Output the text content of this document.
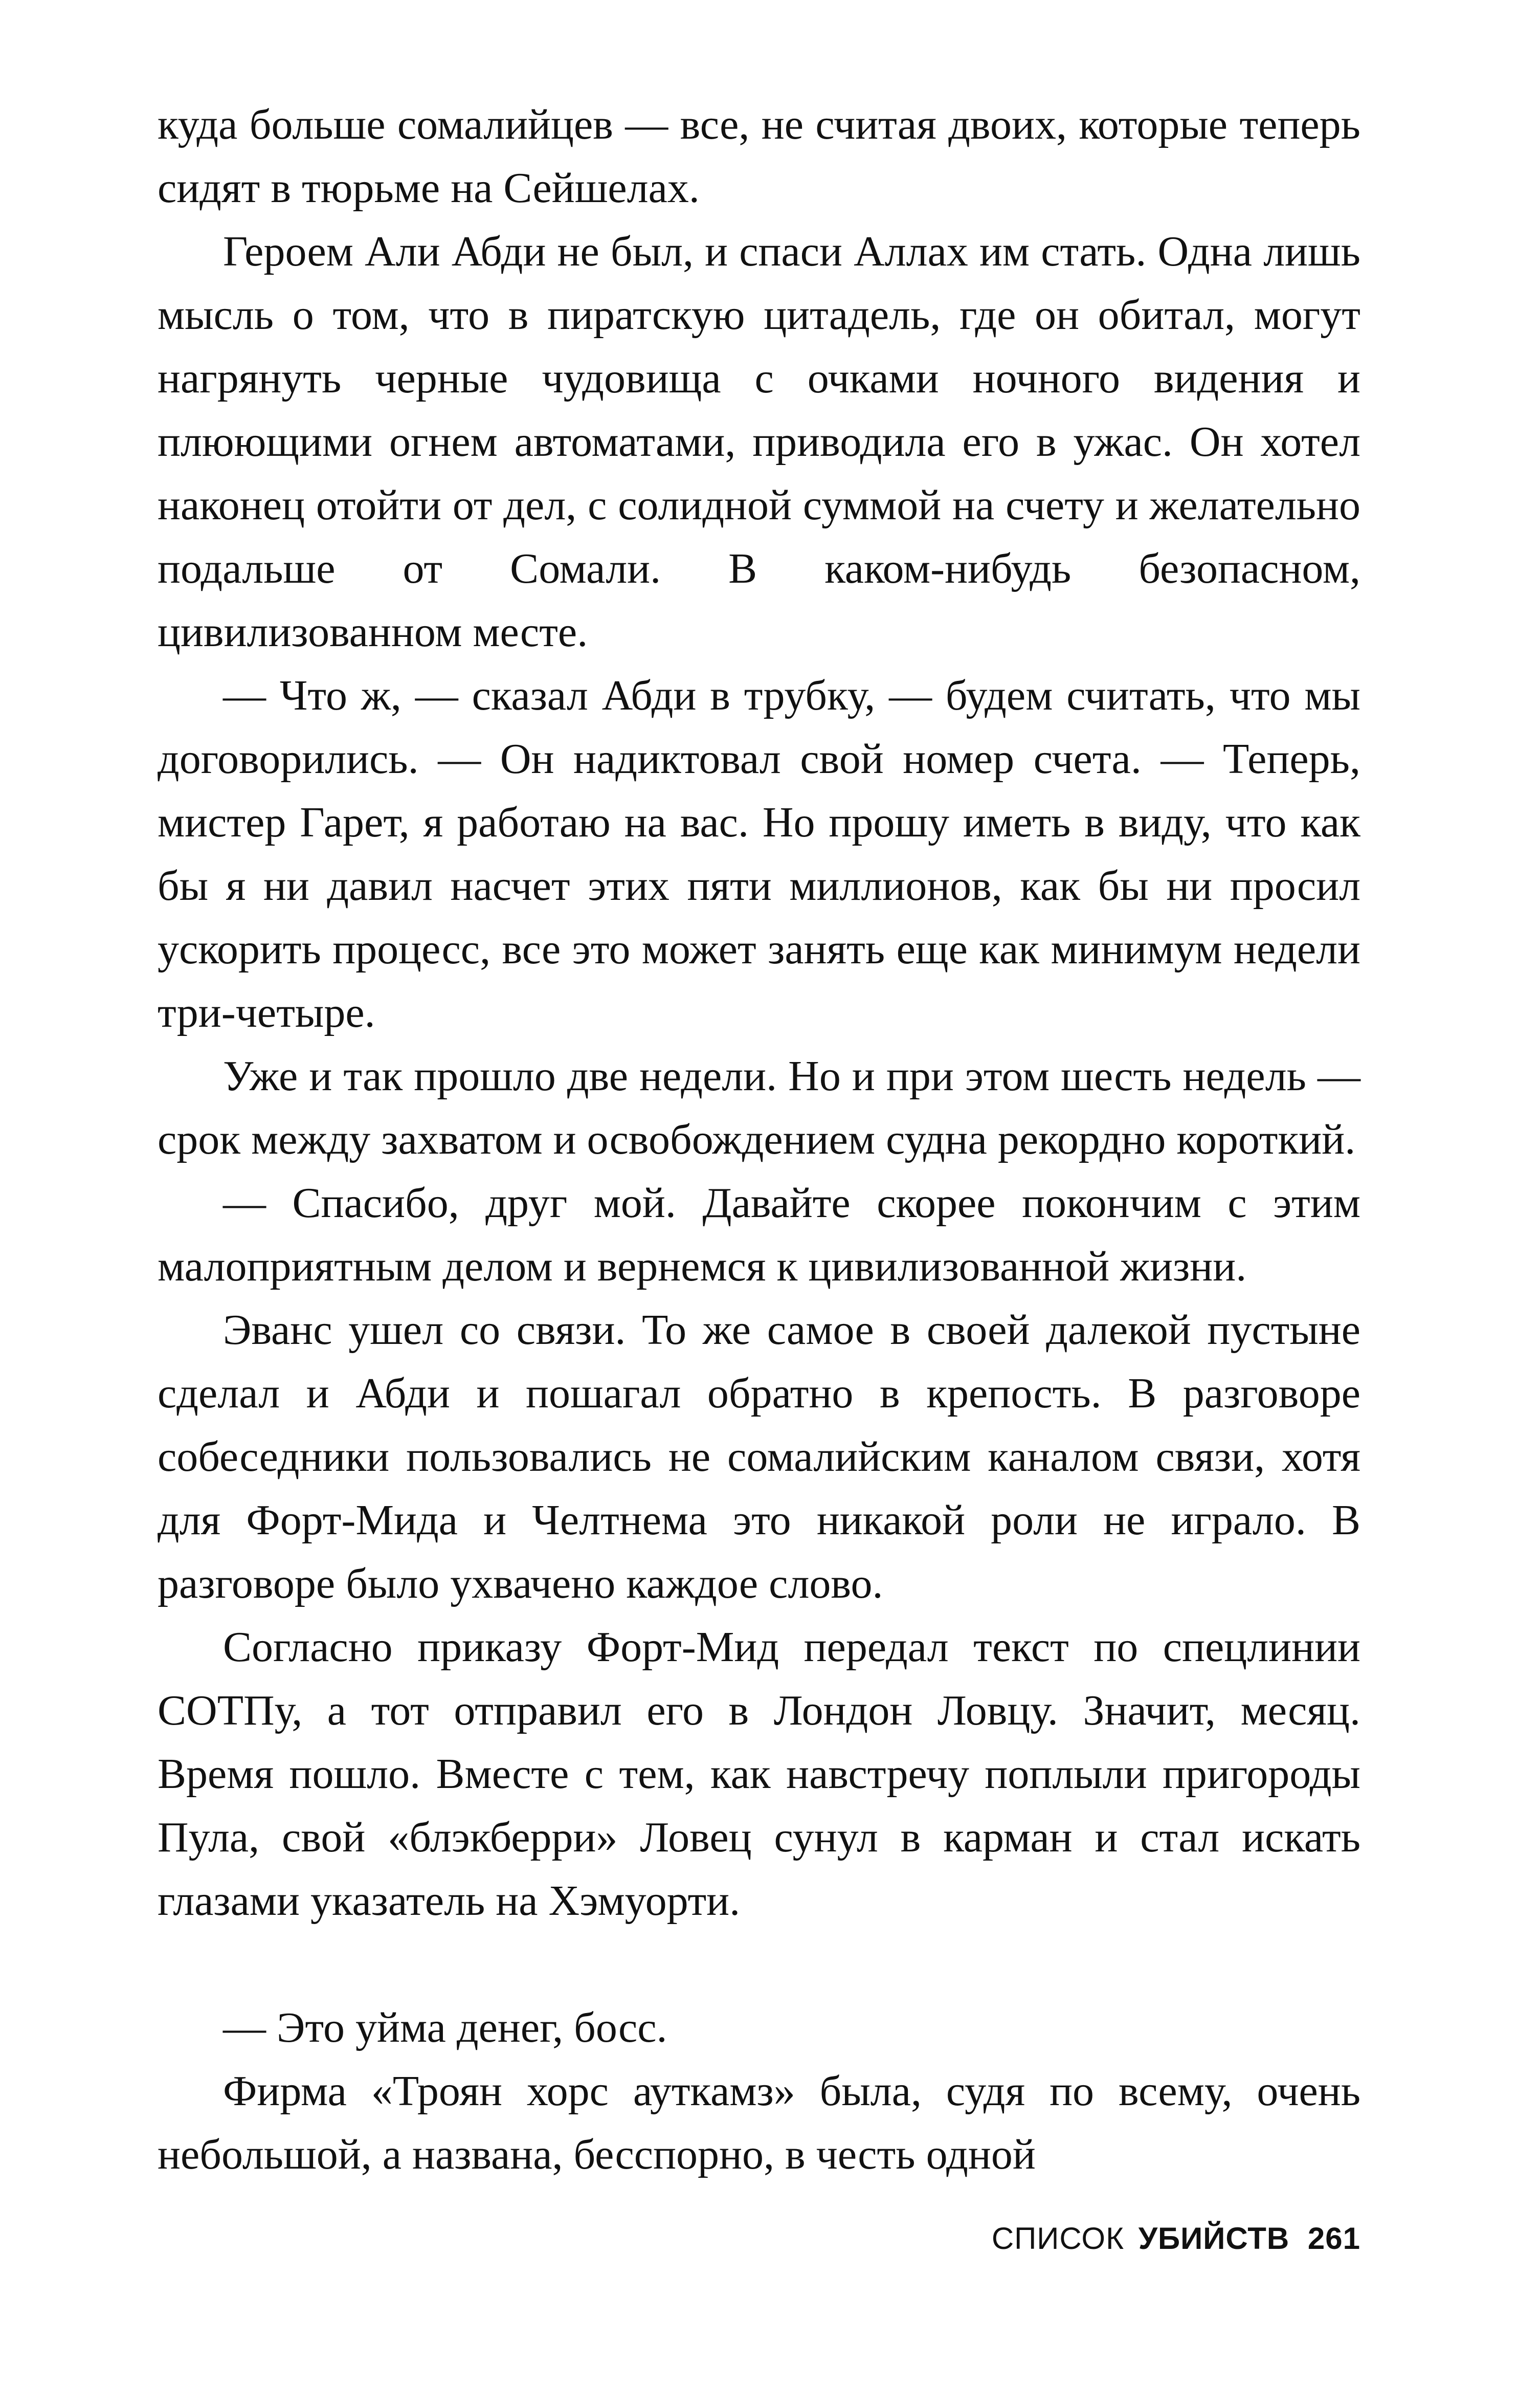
куда больше сомалийцев — все, не считая двоих, которые теперь сидят в тюрьме на Сейшелах.

Героем Али Абди не был, и спаси Аллах им стать. Одна лишь мысль о том, что в пиратскую цитадель, где он обитал, могут нагрянуть черные чудовища с очками ночного видения и плюющими огнем автоматами, приводила его в ужас. Он хотел наконец отойти от дел, с солидной суммой на счету и желательно подальше от Сомали. В каком-нибудь безопасном, цивилизованном месте.

— Что ж, — сказал Абди в трубку, — будем считать, что мы договорились. — Он надиктовал свой номер счета. — Теперь, мистер Гарет, я работаю на вас. Но прошу иметь в виду, что как бы я ни давил насчет этих пяти миллионов, как бы ни просил ускорить процесс, все это может занять еще как минимум недели три-четыре.

Уже и так прошло две недели. Но и при этом шесть недель — срок между захватом и освобождением судна рекордно короткий.

— Спасибо, друг мой. Давайте скорее покончим с этим малоприятным делом и вернемся к цивилизованной жизни.

Эванс ушел со связи. То же самое в своей далекой пустыне сделал и Абди и пошагал обратно в крепость. В разговоре собеседники пользовались не сомалийским каналом связи, хотя для Форт-Мида и Челтнема это никакой роли не играло. В разговоре было ухвачено каждое слово.

Согласно приказу Форт-Мид передал текст по спецлинии СОТПу, а тот отправил его в Лондон Ловцу. Значит, месяц. Время пошло. Вместе с тем, как навстречу поплыли пригороды Пула, свой «блэкберри» Ловец сунул в карман и стал искать глазами указатель на Хэмуорти.

— Это уйма денег, босс.

Фирма «Троян хорс ауткамз» была, судя по всему, очень небольшой, а названа, бесспорно, в честь одной

СПИСОК УБИЙСТВ 261
